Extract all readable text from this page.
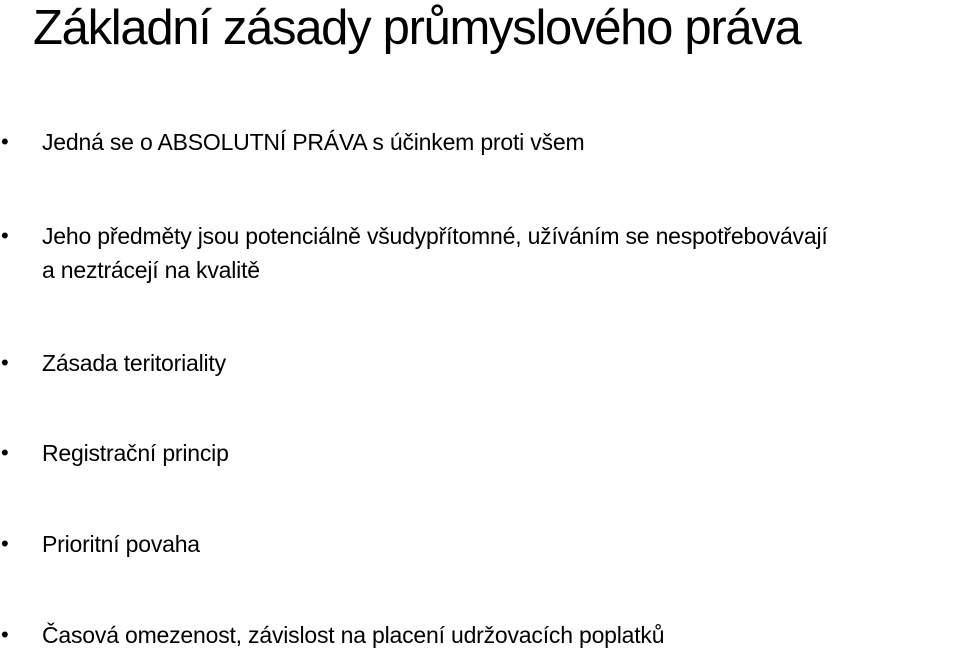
Základní zásady průmyslového práva
• Jedná se o ABSOLUTNÍ PRÁVA s účinkem proti všem
• Jeho předměty jsou potenciálně všudypřítomné, užíváním se nespotřebovávají a neztrácejí na kvalitě
• Zásada teritoriality
• Registrační princip
• Prioritní povaha
• Časová omezenost, závislost na placení udržovacích poplatků
